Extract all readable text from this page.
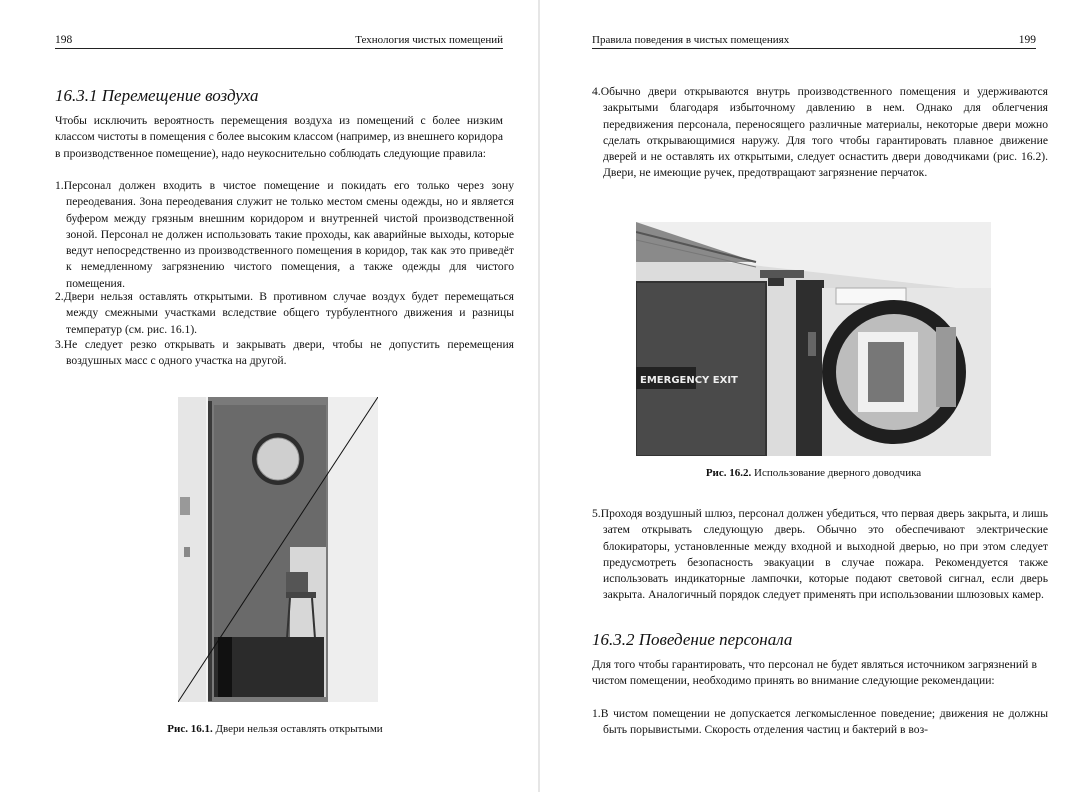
198	Технология чистых помещений
16.3.1 Перемещение воздуха

Чтобы исключить вероятность перемещения воздуха из помещений с более низким классом чистоты в помещения с более высоким классом (например, из внешнего коридора в производственное помещение), надо неукоснительно соблюдать следующие правила:

1.Персонал должен входить в чистое помещение и покидать его только через зону переодевания. Зона переодевания служит не только местом смены одежды, но и является буфером между грязным внешним коридором и внутренней чистой производственной зоной. Персонал не должен использовать такие проходы, как аварийные выходы, которые ведут непосредственно из производственного помещения в коридор, так как это приведёт к немедленному загрязнению чистого помещения, а также одежды для чистого помещения.

2.Двери нельзя оставлять открытыми. В противном случае воздух будет перемещаться между смежными участками вследствие общего турбулентного движения и разницы температур (см. рис. 16.1).

3.Не следует резко открывать и закрывать двери, чтобы не допустить перемещения воздушных масс с одного участка на другой.

Рис. 16.1. Двери нельзя оставлять открытыми
Правила поведения в чистых помещениях	199

4.Обычно двери открываются внутрь производственного помещения и удерживаются закрытыми благодаря избыточному давлению в нем. Однако для облегчения передвижения персонала, переносящего различные материалы, некоторые двери можно сделать открывающимися наружу. Для того чтобы гарантировать плавное движение дверей и не оставлять их открытыми, следует оснастить двери доводчиками (рис. 16.2). Двери, не имеющие ручек, предотвращают загрязнение перчаток.

EMERGENCY EXIT
Рис. 16.2. Использование дверного доводчика

5.Проходя воздушный шлюз, персонал должен убедиться, что первая дверь закрыта, и лишь затем открывать следующую дверь. Обычно это обеспечивают электрические блокираторы, установленные между входной и выходной дверью, но при этом следует предусмотреть безопасность эвакуации в случае пожара. Рекомендуется также использовать индикаторные лампочки, которые подают световой сигнал, если дверь закрыта. Аналогичный порядок следует применять при использовании шлюзовых камер.

16.3.2 Поведение персонала

Для того чтобы гарантировать, что персонал не будет являться источником загрязнений в чистом помещении, необходимо принять во внимание следующие рекомендации:

1.В чистом помещении не допускается легкомысленное поведение; движения не должны быть порывистыми. Скорость отделения частиц и бактерий в воз-
